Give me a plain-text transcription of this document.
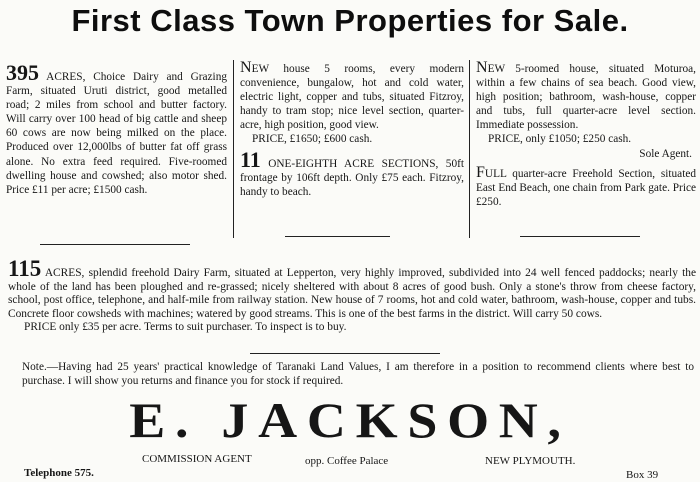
First Class Town Properties for Sale.

395 ACRES, Choice Dairy and Grazing Farm, situated Uruti district, good metalled road; 2 miles from school and butter factory. Will carry over 100 head of big cattle and sheep 60 cows are now being milked on the place. Produced over 12,000lbs of butter fat off grass alone. No extra feed required. Five-roomed dwelling house and cowshed; also motor shed. Price £11 per acre; £1500 cash.

NEW house 5 rooms, every modern convenience, bungalow, hot and cold water, electric light, copper and tubs, situated Fitzroy, handy to tram stop; nice level section, quarter-acre, high position, good view.

PRICE, £1650; £600 cash.

11 ONE-EIGHTH ACRE SECTIONS, 50ft frontage by 106ft depth. Only £75 each. Fitzroy, handy to beach.

NEW 5-roomed house, situated Moturoa, within a few chains of sea beach. Good view, high position; bathroom, wash-house, copper and tubs, full quarter-acre level section. Immediate possession.

PRICE, only £1050; £250 cash.

Sole Agent.

FULL quarter-acre Freehold Section, situated East End Beach, one chain from Park gate. Price £250.

115 ACRES, splendid freehold Dairy Farm, situated at Lepperton, very highly improved, subdivided into 24 well fenced paddocks; nearly the whole of the land has been ploughed and re-grassed; nicely sheltered with about 8 acres of good bush. Only a stone's throw from cheese factory, school, post office, telephone, and half-mile from railway station. New house of 7 rooms, hot and cold water, bathroom, wash-house, copper and tubs. Concrete floor cowsheds with machines; watered by good streams. This is one of the best farms in the district. Will carry 50 cows.

PRICE only £35 per acre. Terms to suit purchaser. To inspect is to buy.

Note.—Having had 25 years' practical knowledge of Taranaki Land Values, I am therefore in a position to recommend clients where best to purchase. I will show you returns and finance you for stock if required.
E. JACKSON,
COMMISSION AGENT	opp. Coffee Palace	NEW PLYMOUTH.
Telephone 575.	Box 39
